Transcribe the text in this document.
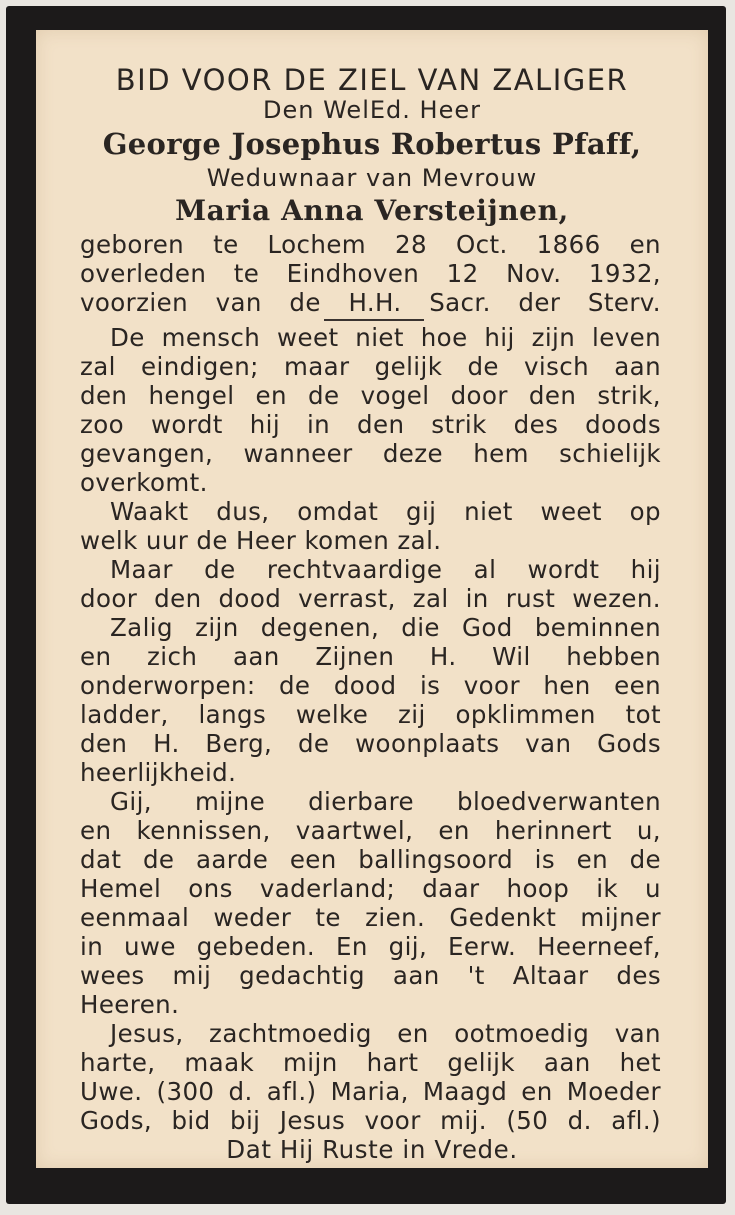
BID VOOR DE ZIEL VAN ZALIGER
Den WelEd. Heer
George Josephus Robertus Pfaff,
Weduwnaar van Mevrouw
Maria Anna Versteijnen,
geboren te Lochem 28 Oct. 1866 en
overleden te Eindhoven 12 Nov. 1932,
voorzien van de H.H. Sacr. der Sterv.
De mensch weet niet hoe hij zijn leven
zal eindigen; maar gelijk de visch aan
den hengel en de vogel door den strik,
zoo wordt hij in den strik des doods
gevangen, wanneer deze hem schielijk
overkomt.
Waakt dus, omdat gij niet weet op
welk uur de Heer komen zal.
Maar de rechtvaardige al wordt hij
door den dood verrast, zal in rust wezen.
Zalig zijn degenen, die God beminnen
en zich aan Zijnen H. Wil hebben
onderworpen: de dood is voor hen een
ladder, langs welke zij opklimmen tot
den H. Berg, de woonplaats van Gods
heerlijkheid.
Gij, mijne dierbare bloedverwanten
en kennissen, vaartwel, en herinnert u,
dat de aarde een ballingsoord is en de
Hemel ons vaderland; daar hoop ik u
eenmaal weder te zien. Gedenkt mijner
in uwe gebeden. En gij, Eerw. Heerneef,
wees mij gedachtig aan 't Altaar des
Heeren.
Jesus, zachtmoedig en ootmoedig van
harte, maak mijn hart gelijk aan het
Uwe. (300 d. afl.) Maria, Maagd en Moeder
Gods, bid bij Jesus voor mij. (50 d. afl.)
Dat Hij Ruste in Vrede.
